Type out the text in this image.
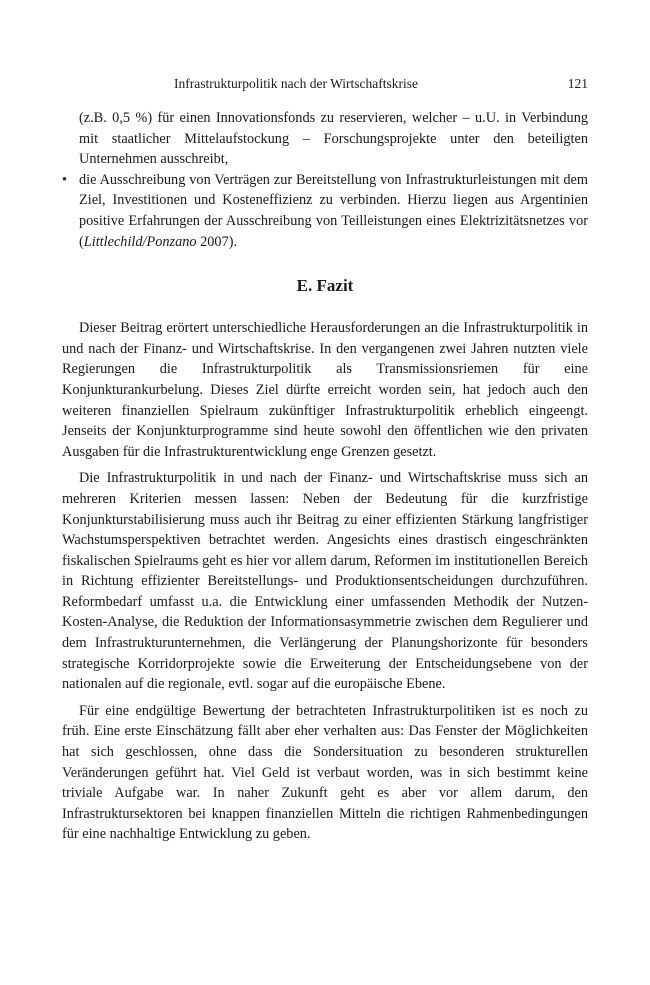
Infrastrukturpolitik nach der Wirtschaftskrise	121

(z.B. 0,5 %) für einen Innovationsfonds zu reservieren, welcher – u.U. in Verbindung mit staatlicher Mittelaufstockung – Forschungsprojekte unter den beteiligten Unternehmen ausschreibt,

• die Ausschreibung von Verträgen zur Bereitstellung von Infrastrukturleistungen mit dem Ziel, Investitionen und Kosteneffizienz zu verbinden. Hierzu liegen aus Argentinien positive Erfahrungen der Ausschreibung von Teilleistungen eines Elektrizitätsnetzes vor (Littlechild/Ponzano 2007).

E. Fazit

Dieser Beitrag erörtert unterschiedliche Herausforderungen an die Infrastrukturpolitik in und nach der Finanz- und Wirtschaftskrise. In den vergangenen zwei Jahren nutzten viele Regierungen die Infrastrukturpolitik als Transmissionsriemen für eine Konjunkturankurbelung. Dieses Ziel dürfte erreicht worden sein, hat jedoch auch den weiteren finanziellen Spielraum zukünftiger Infrastrukturpolitik erheblich eingeengt. Jenseits der Konjunkturprogramme sind heute sowohl den öffentlichen wie den privaten Ausgaben für die Infrastrukturentwicklung enge Grenzen gesetzt.

Die Infrastrukturpolitik in und nach der Finanz- und Wirtschaftskrise muss sich an mehreren Kriterien messen lassen: Neben der Bedeutung für die kurzfristige Konjunkturstabilisierung muss auch ihr Beitrag zu einer effizienten Stärkung langfristiger Wachstumsperspektiven betrachtet werden. Angesichts eines drastisch eingeschränkten fiskalischen Spielraums geht es hier vor allem darum, Reformen im institutionellen Bereich in Richtung effizienter Bereitstellungs- und Produktionsentscheidungen durchzuführen. Reformbedarf umfasst u.a. die Entwicklung einer umfassenden Methodik der Nutzen-Kosten-Analyse, die Reduktion der Informationsasymmetrie zwischen dem Regulierer und dem Infrastrukturunternehmen, die Verlängerung der Planungshorizonte für besonders strategische Korridorprojekte sowie die Erweiterung der Entscheidungsebene von der nationalen auf die regionale, evtl. sogar auf die europäische Ebene.

Für eine endgültige Bewertung der betrachteten Infrastrukturpolitiken ist es noch zu früh. Eine erste Einschätzung fällt aber eher verhalten aus: Das Fenster der Möglichkeiten hat sich geschlossen, ohne dass die Sondersituation zu besonderen strukturellen Veränderungen geführt hat. Viel Geld ist verbaut worden, was in sich bestimmt keine triviale Aufgabe war. In naher Zukunft geht es aber vor allem darum, den Infrastruktursektoren bei knappen finanziellen Mitteln die richtigen Rahmenbedingungen für eine nachhaltige Entwicklung zu geben.
